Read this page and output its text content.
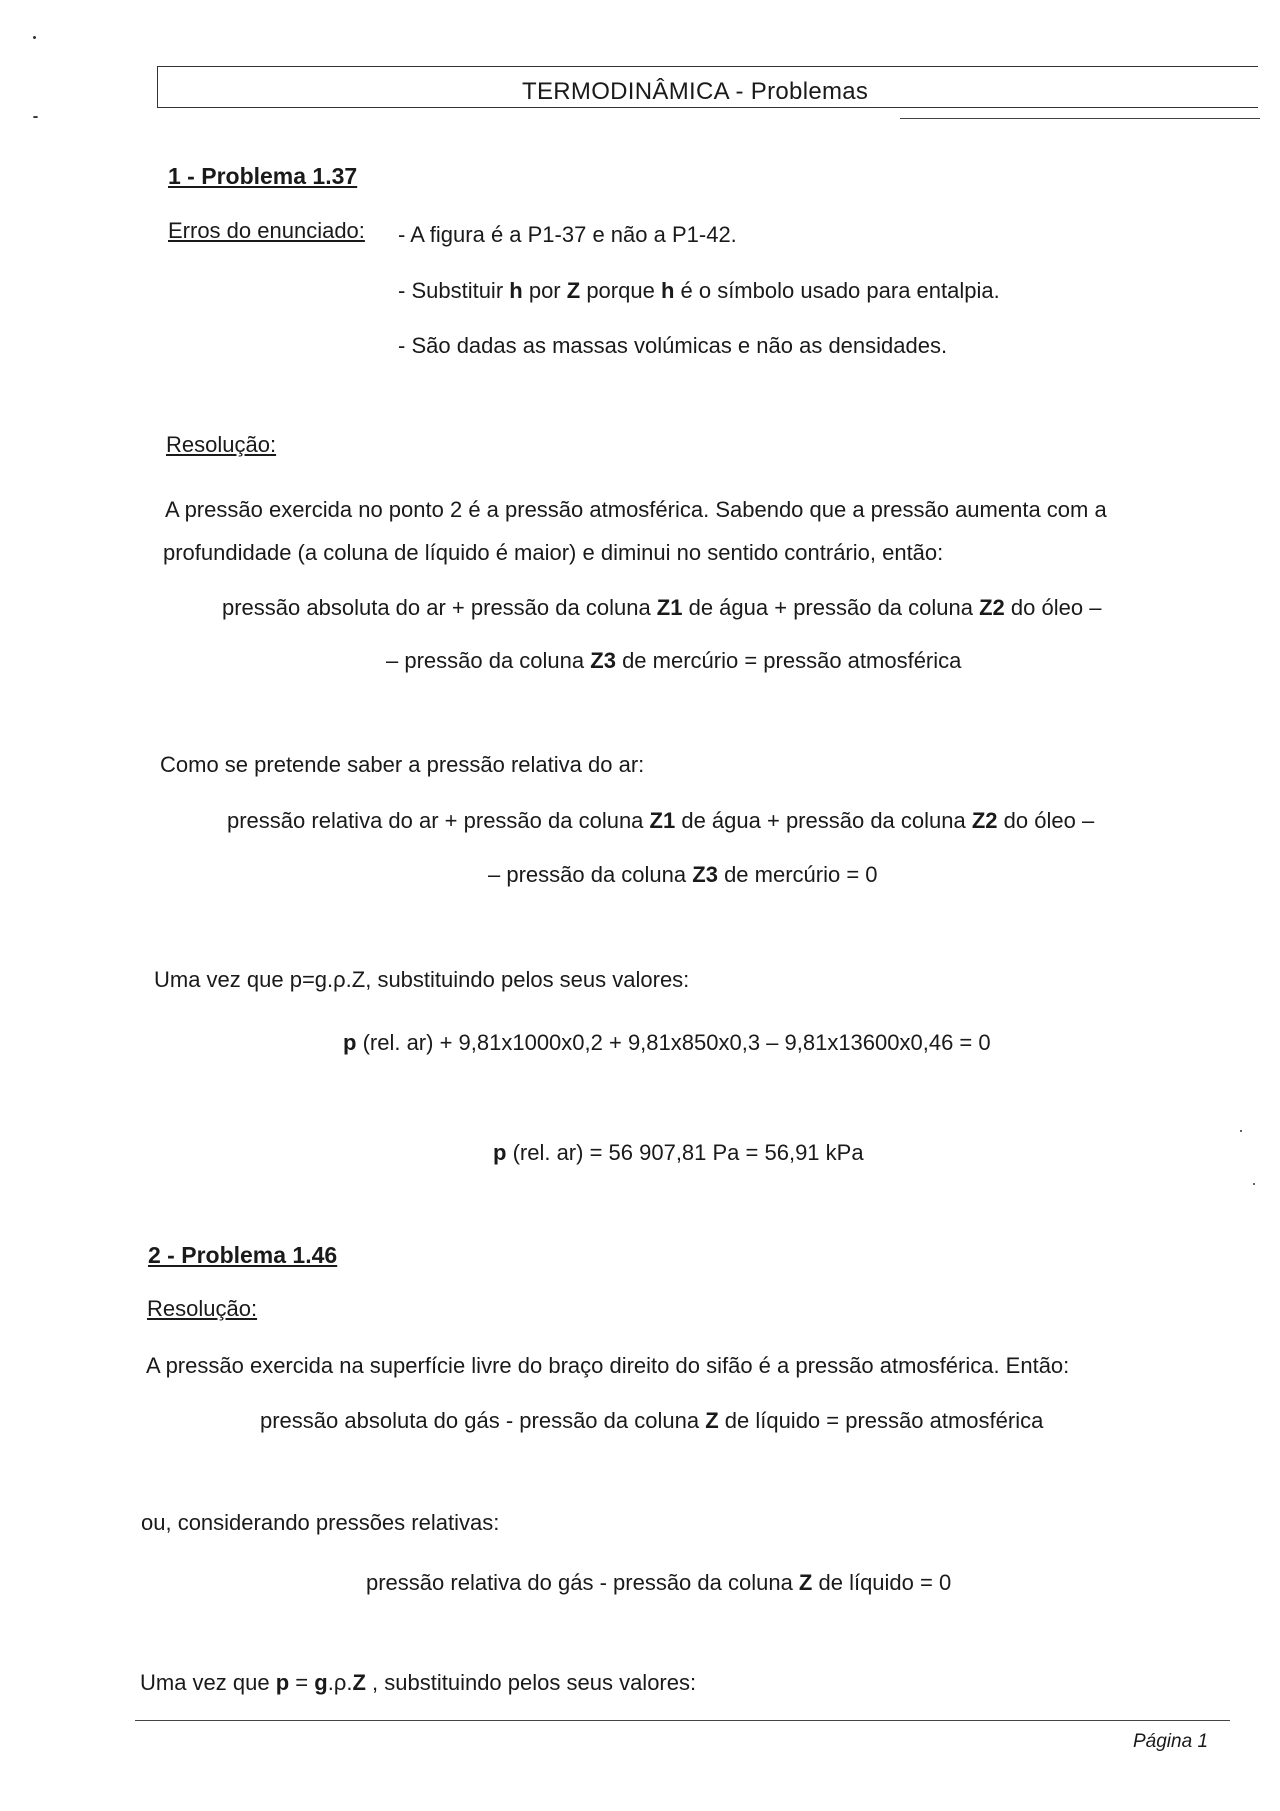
TERMODINÂMICA - Problemas
1 - Problema 1.37
Erros do enunciado: - A figura é a P1-37 e não a P1-42.
- Substituir h por Z porque h é o símbolo usado para entalpia.
- São dadas as massas volúmicas e não as densidades.
Resolução:
A pressão exercida no ponto 2 é a pressão atmosférica. Sabendo que a pressão aumenta com a
profundidade (a coluna de líquido é maior) e diminui no sentido contrário, então:
pressão absoluta do ar + pressão da coluna Z1 de água + pressão da coluna Z2 do óleo –
– pressão da coluna Z3 de mercúrio = pressão atmosférica
Como se pretende saber a pressão relativa do ar:
pressão relativa do ar + pressão da coluna Z1 de água + pressão da coluna Z2 do óleo –
– pressão da coluna Z3 de mercúrio = 0
Uma vez que p=g.ρ.Z, substituindo pelos seus valores:
p (rel. ar) + 9,81x1000x0,2 + 9,81x850x0,3 – 9,81x13600x0,46 = 0
p (rel. ar) = 56 907,81 Pa = 56,91 kPa
2 - Problema 1.46
Resolução:
A pressão exercida na superfície livre do braço direito do sifão é a pressão atmosférica. Então:
pressão absoluta do gás - pressão da coluna Z de líquido = pressão atmosférica
ou, considerando pressões relativas:
pressão relativa do gás - pressão da coluna Z de líquido = 0
Uma vez que p = g.ρ.Z , substituindo pelos seus valores:
Página 1
